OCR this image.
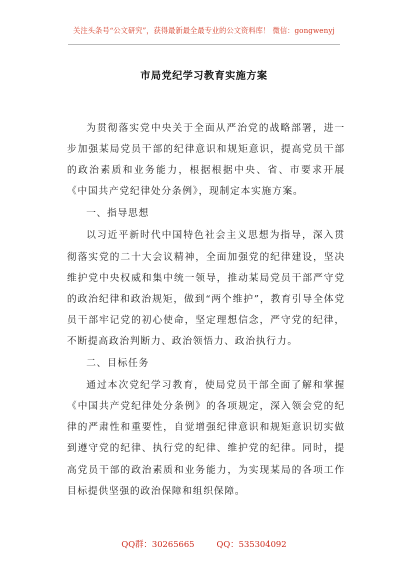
关注头条号“公文研究”，获得最新最全最专业的公文资料库！ 微信：gongwenyj
市局党纪学习教育实施方案

为贯彻落实党中央关于全面从严治党的战略部署，进一步加强某局党员干部的纪律意识和规矩意识，提高党员干部的政治素质和业务能力，根据根据中央、省、市要求开展《中国共产党纪律处分条例》，现制定本实施方案。

一、指导思想

以习近平新时代中国特色社会主义思想为指导，深入贯彻落实党的二十大会议精神，全面加强党的纪律建设，坚决维护党中央权威和集中统一领导，推动某局党员干部严守党的政治纪律和政治规矩，做到“两个维护”，教育引导全体党员干部牢记党的初心使命，坚定理想信念，严守党的纪律，不断提高政治判断力、政治领悟力、政治执行力。

二、目标任务

通过本次党纪学习教育，使局党员干部全面了解和掌握《中国共产党纪律处分条例》的各项规定，深入领会党的纪律的严肃性和重要性，自觉增强纪律意识和规矩意识切实做到遵守党的纪律、执行党的纪律、维护党的纪律。同时，提高党员干部的政治素质和业务能力，为实现某局的各项工作目标提供坚强的政治保障和组织保障。

QQ群：30265665	QQ：535304092
